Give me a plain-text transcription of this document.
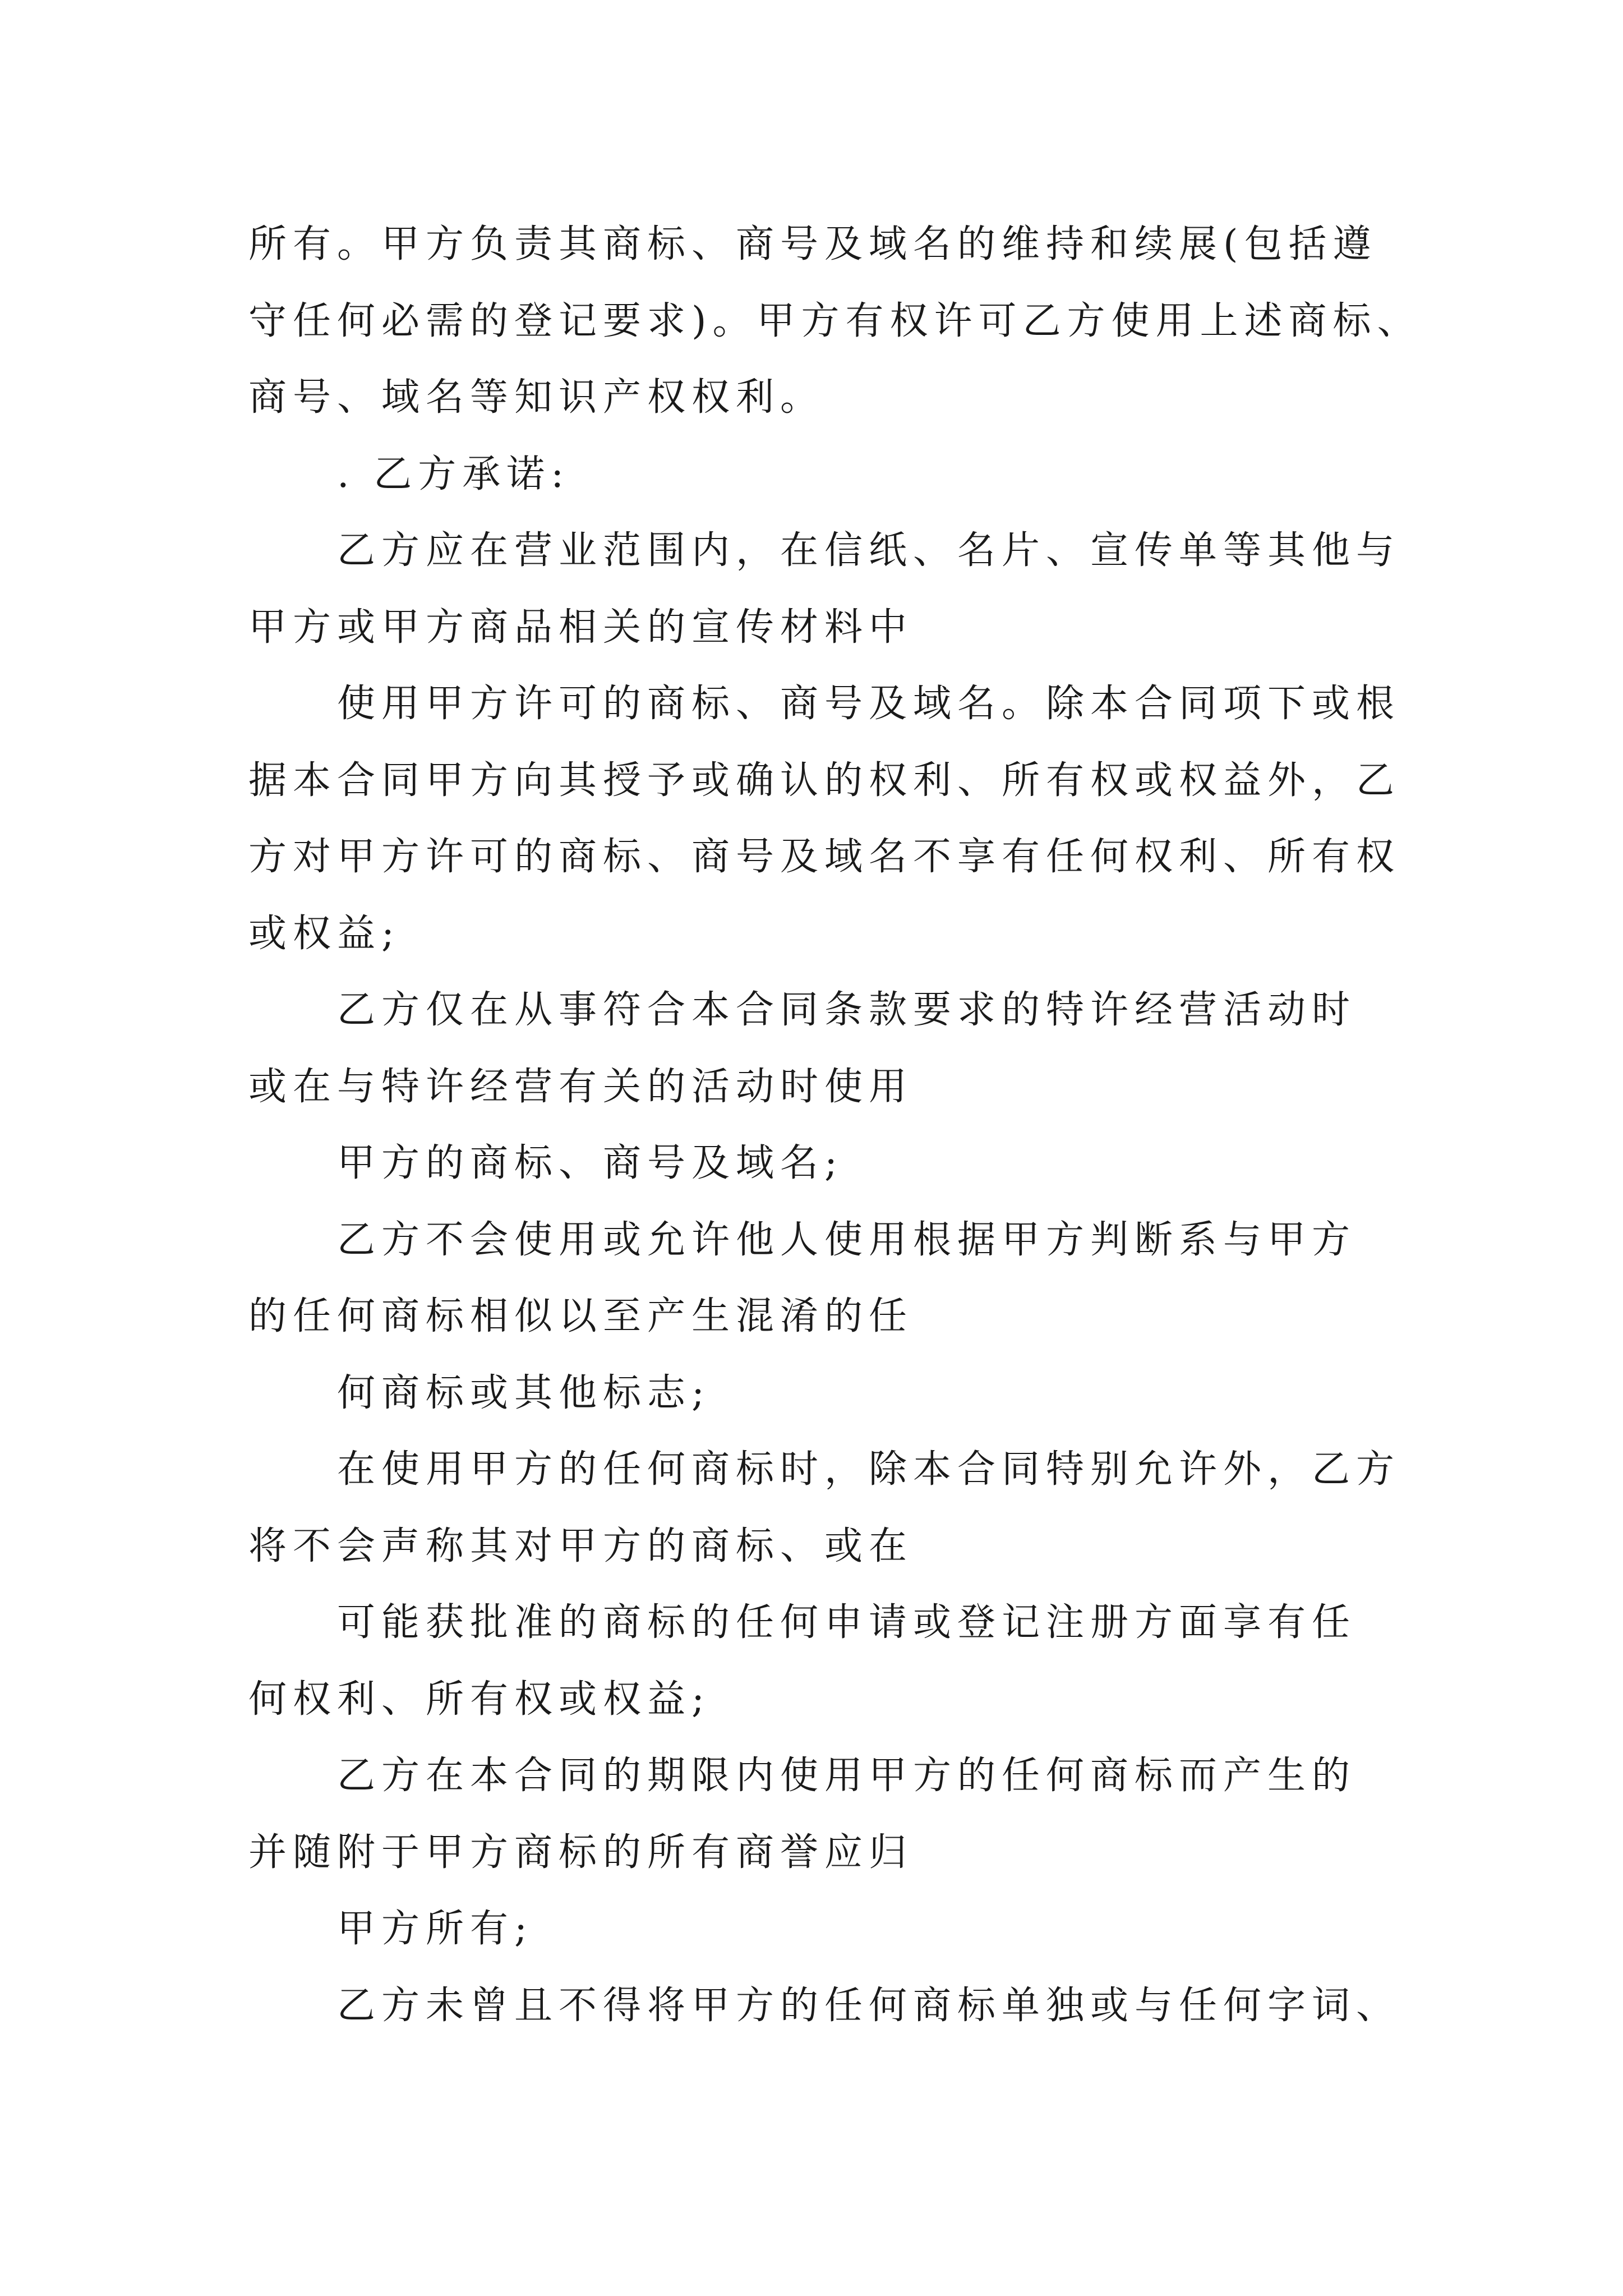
所有。甲方负责其商标、商号及域名的维持和续展(包括遵

守任何必需的登记要求)。甲方有权许可乙方使用上述商标、

商号、域名等知识产权权利。

. 乙方承诺:

乙方应在营业范围内，在信纸、名片、宣传单等其他与

甲方或甲方商品相关的宣传材料中

使用甲方许可的商标、商号及域名。除本合同项下或根

据本合同甲方向其授予或确认的权利、所有权或权益外，乙

方对甲方许可的商标、商号及域名不享有任何权利、所有权

或权益;

乙方仅在从事符合本合同条款要求的特许经营活动时

或在与特许经营有关的活动时使用

甲方的商标、商号及域名;

乙方不会使用或允许他人使用根据甲方判断系与甲方

的任何商标相似以至产生混淆的任

何商标或其他标志;

在使用甲方的任何商标时，除本合同特别允许外，乙方

将不会声称其对甲方的商标、或在

可能获批准的商标的任何申请或登记注册方面享有任

何权利、所有权或权益;

乙方在本合同的期限内使用甲方的任何商标而产生的

并随附于甲方商标的所有商誉应归

甲方所有;

乙方未曾且不得将甲方的任何商标单独或与任何字词、
